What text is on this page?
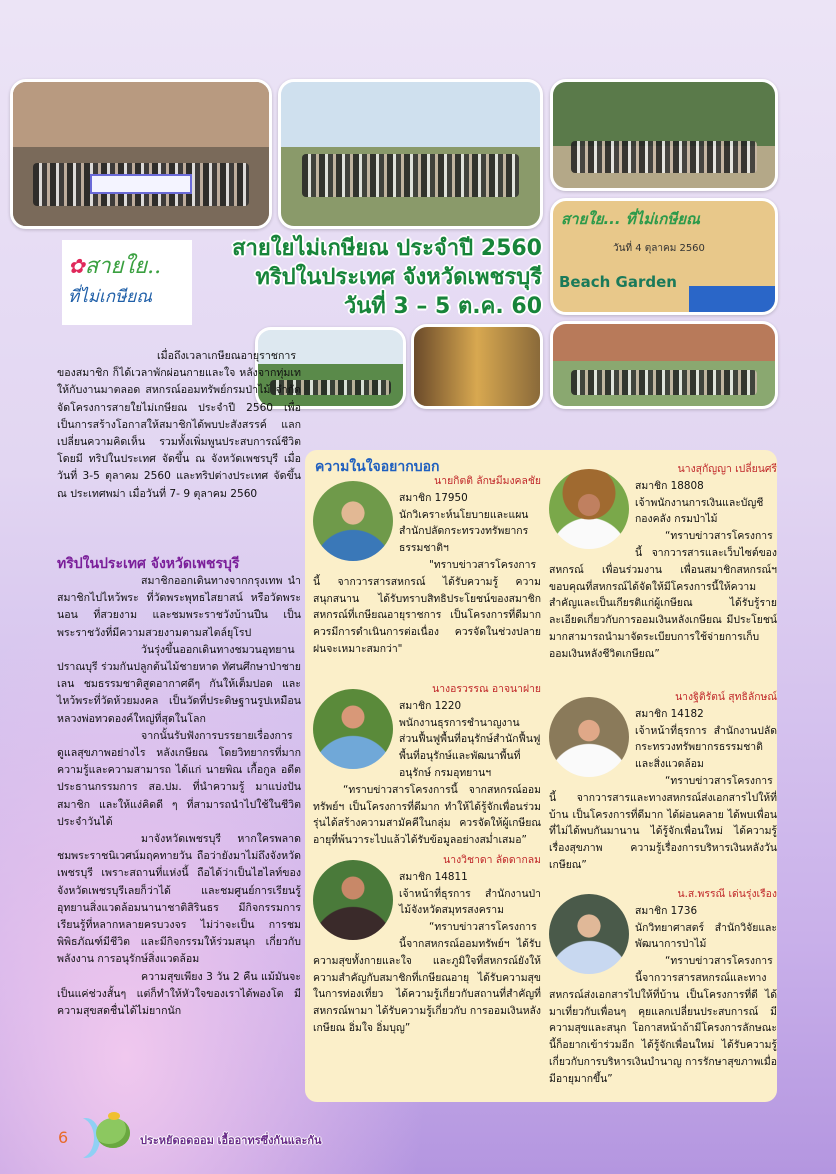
สายใย... ที่ไม่เกษียณ
วันที่ 4 ตุลาคม 2560
Beach Garden
✿สายใย..
ที่ไม่เกษียณ
สายใยไม่เกษียณ ประจำปี 2560
ทริปในประเทศ จังหวัดเพชรบุรี
วันที่ 3 – 5 ต.ค. 60

เมื่อถึงเวลาเกษียณอายุราชการของสมาชิก ก็ได้เวลาพักผ่อนกายและใจ หลังจากทุ่มเทให้กับงานมาตลอด สหกรณ์ออมทรัพย์กรมป่าไม้ จำกัด จัดโครงการสายใยไม่เกษียณ ประจำปี 2560 เพื่อเป็นการสร้างโอกาสให้สมาชิกได้พบปะสังสรรค์ แลกเปลี่ยนความคิดเห็น รวมทั้งเพิ่มพูนประสบการณ์ชีวิต โดยมี ทริปในประเทศ จัดขึ้น ณ จังหวัดเพชรบุรี เมื่อวันที่ 3-5 ตุลาคม 2560 และทริปต่างประเทศ จัดขึ้น ณ ประเทศพม่า เมื่อวันที่ 7- 9 ตุลาคม 2560

ทริปในประเทศ จังหวัดเพชรบุรี

สมาชิกออกเดินทางจากกรุงเทพ นำสมาชิกไปไหว้พระ ที่วัดพระพุทธไสยาสน์ หรือวัดพระนอน ที่สวยงาม และชมพระราชวังบ้านปืน เป็นพระราชวังที่มีความสวยงามตามสไตล์ยุโรป

วันรุ่งขึ้นออกเดินทางชมวนอุทยานปราณบุรี ร่วมกันปลูกต้นไม้ชายหาด ทัศนศึกษาป่าชายเลน ชมธรรมชาติสูดอากาศดีๆ กันให้เต็มปอด และไหว้พระที่วัดห้วยมงคล เป็นวัดที่ประดิษฐานรูปเหมือนหลวงพ่อทวดองค์ใหญ่ที่สุดในโลก

จากนั้นรับฟังการบรรยายเรื่องการดูแลสุขภาพอย่างไร หลังเกษียณ โดยวิทยากรที่มากความรู้และความสามารถ ได้แก่ นายพิณ เกื้อกูล อดีตประธานกรรมการ สอ.ปม. ที่นำความรู้ มาแบ่งปันสมาชิก และให้แง่คิดดี ๆ ที่สามารถนำไปใช้ในชีวิตประจำวันได้

มาจังหวัดเพชรบุรี หากใครพลาดชมพระราชนิเวศน์มฤคทายวัน ถือว่ายังมาไม่ถึงจังหวัดเพชรบุรี เพราะสถานที่แห่งนี้ ถือได้ว่าเป็นไฮไลท์ของจังหวัดเพชรบุรีเลยก็ว่าได้ และชมศูนย์การเรียนรู้อุทยานสิ่งแวดล้อมนานาชาติสิรินธร มีกิจกรรมการเรียนรู้ที่หลากหลายครบวงจร ไม่ว่าจะเป็น การชมพิพิธภัณฑ์มีชีวิต และมีกิจกรรมให้ร่วมสนุก เกี่ยวกับพลังงาน การอนุรักษ์สิ่งแวดล้อม

ความสุขเพียง 3 วัน 2 คืน แม้มันจะเป็นแค่ช่วงสั้นๆ แต่ก็ทำให้หัวใจของเราได้พองโต มีความสุขสดชื่นได้ไม่ยากนัก

ความในใจอยากบอก
นายกิตติ ลักษมีมงคลชัย
สมาชิก 17950
นักวิเคราะห์นโยบายและแผน สำนักปลัดกระทรวงทรัพยากรธรรมชาติฯ
"ทราบข่าวสารโครงการนี้ จากวารสารสหกรณ์ ได้รับความรู้ ความสนุกสนาน ได้รับทราบสิทธิประโยชน์ของสมาชิกสหกรณ์ที่เกษียณอายุราชการ เป็นโครงการที่ดีมาก ควรมีการดำเนินการต่อเนื่อง ควรจัดในช่วงปลายฝนจะเหมาะสมกว่า"
นางอรวรรณ อาจนาฝาย
สมาชิก 1220
พนักงานธุรการชำนาญงาน ส่วนฟื้นฟูพื้นที่อนุรักษ์สำนักฟื้นฟูพื้นที่อนุรักษ์และพัฒนาพื้นที่อนุรักษ์ กรมอุทยานฯ
“ทราบข่าวสารโครงการนี้ จากสหกรณ์ออมทรัพย์ฯ เป็นโครงการที่ดีมาก ทำให้ได้รู้จักเพื่อนร่วมรุ่นได้สร้างความสามัคคีในกลุ่ม ควรจัดให้ผู้เกษียณอายุที่พ้นวาระไปแล้วได้รับข้อมูลอย่างสม่ำเสมอ”
นางวิชาดา ลัดดากลม
สมาชิก 14811
เจ้าหน้าที่ธุรการ สำนักงานป่าไม้จังหวัดสมุทรสงคราม
“ทราบข่าวสารโครงการนี้จากสหกรณ์ออมทรัพย์ฯ ได้รับความสุขทั้งกายและใจ และภูมิใจที่สหกรณ์ยังให้ความสำคัญกับสมาชิกที่เกษียณอายุ ได้รับความสุขในการท่องเที่ยว ได้ความรู้เกี่ยวกับสถานที่สำคัญที่สหกรณ์พามา ได้รับความรู้เกี่ยวกับ การออมเงินหลังเกษียณ อิ่มใจ อิ่มบุญ”
นางสุกัญญา เปลี่ยนศรี
สมาชิก 18808
เจ้าพนักงานการเงินและบัญชี กองคลัง กรมป่าไม้
“ทราบข่าวสารโครงการนี้ จากวารสารและเว็บไซต์ของสหกรณ์ เพื่อนร่วมงาน เพื่อนสมาชิกสหกรณ์ฯ ขอบคุณที่สหกรณ์ได้จัดให้มีโครงการนี้ให้ความสำคัญและเป็นเกียรติแก่ผู้เกษียณ ได้รับรู้รายละเอียดเกี่ยวกับการออมเงินหลังเกษียณ มีประโยชน์มากสามารถนำมาจัดระเบียบการใช้จ่ายการเก็บออมเงินหลังชีวิตเกษียณ”
นางฐิติรัตน์ สุทธิลักษณ์
สมาชิก 14182
เจ้าหน้าที่ธุรการ สำนักงานปลัดกระทรวงทรัพยากรธรรมชาติและสิ่งแวดล้อม
“ทราบข่าวสารโครงการนี้ จากวารสารและทางสหกรณ์ส่งเอกสารไปให้ที่บ้าน เป็นโครงการที่ดีมาก ได้ผ่อนคลาย ได้พบเพื่อนที่ไม่ได้พบกันมานาน ได้รู้จักเพื่อนใหม่ ได้ความรู้เรื่องสุขภาพ ความรู้เรื่องการบริหารเงินหลังวันเกษียณ”
น.ส.พรรณี เด่นรุ่งเรือง
สมาชิก 1736
นักวิทยาศาสตร์ สำนักวิจัยและพัฒนาการป่าไม้
“ทราบข่าวสารโครงการนี้จากวารสารสหกรณ์และทางสหกรณ์ส่งเอกสารไปให้ที่บ้าน เป็นโครงการที่ดี ได้มาเที่ยวกับเพื่อนๆ คุยแลกเปลี่ยนประสบการณ์ มีความสุขและสนุก โอกาสหน้าถ้ามีโครงการลักษณะนี้ก็อยากเข้าร่วมอีก ได้รู้จักเพื่อนใหม่ ได้รับความรู้เกี่ยวกับการบริหารเงินบำนาญ การรักษาสุขภาพเมื่อมีอายุมากขึ้น”
6	ประหยัดอดออม เอื้ออาทรซึ่งกันและกัน
